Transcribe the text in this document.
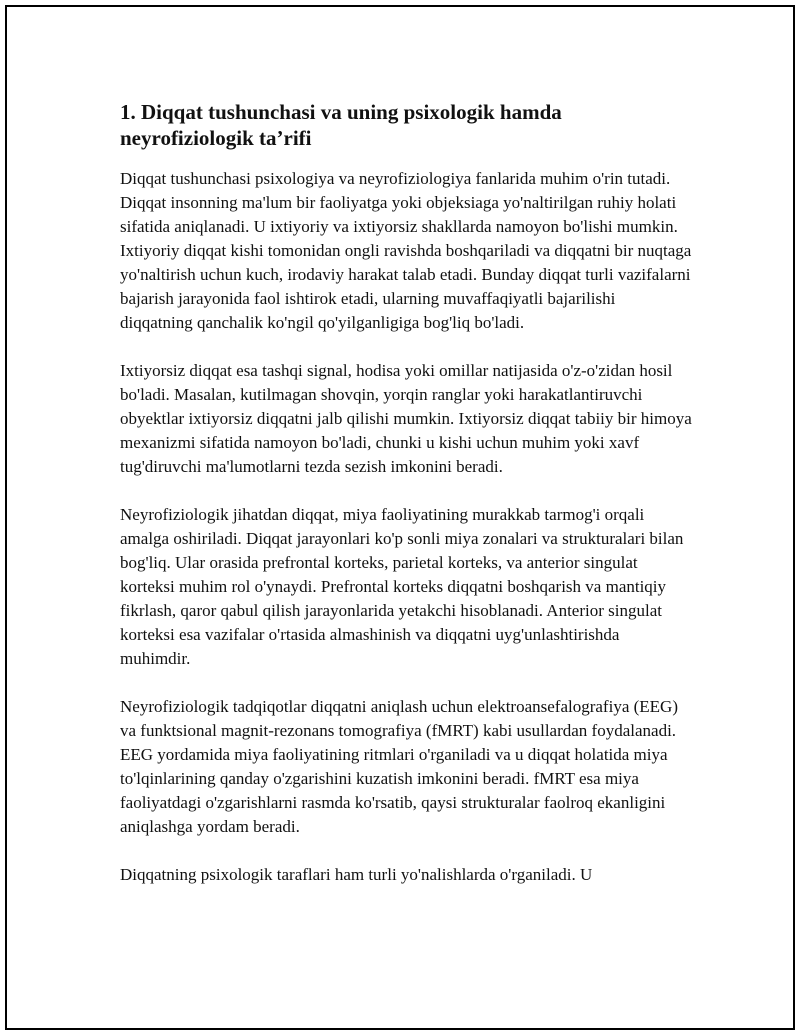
1. Diqqat tushunchasi va uning psixologik hamda neyrofiziologik taʼrifi

Diqqat tushunchasi psixologiya va neyrofiziologiya fanlarida muhim o'rin tutadi. Diqqat insonning ma'lum bir faoliyatga yoki objeksiaga yo'naltirilgan ruhiy holati sifatida aniqlanadi. U ixtiyoriy va ixtiyorsiz shakllarda namoyon bo'lishi mumkin. Ixtiyoriy diqqat kishi tomonidan ongli ravishda boshqariladi va diqqatni bir nuqtaga yo'naltirish uchun kuch, irodaviy harakat talab etadi. Bunday diqqat turli vazifalarni bajarish jarayonida faol ishtirok etadi, ularning muvaffaqiyatli bajarilishi diqqatning qanchalik ko'ngil qo'yilganligiga bog'liq bo'ladi.

Ixtiyorsiz diqqat esa tashqi signal, hodisa yoki omillar natijasida o'z-o'zidan hosil bo'ladi. Masalan, kutilmagan shovqin, yorqin ranglar yoki harakatlantiruvchi obyektlar ixtiyorsiz diqqatni jalb qilishi mumkin. Ixtiyorsiz diqqat tabiiy bir himoya mexanizmi sifatida namoyon bo'ladi, chunki u kishi uchun muhim yoki xavf tug'diruvchi ma'lumotlarni tezda sezish imkonini beradi.

Neyrofiziologik jihatdan diqqat, miya faoliyatining murakkab tarmog'i orqali amalga oshiriladi. Diqqat jarayonlari ko'p sonli miya zonalari va strukturalari bilan bog'liq. Ular orasida prefrontal korteks, parietal korteks, va anterior singulat korteksi muhim rol o'ynaydi. Prefrontal korteks diqqatni boshqarish va mantiqiy fikrlash, qaror qabul qilish jarayonlarida yetakchi hisoblanadi. Anterior singulat korteksi esa vazifalar o'rtasida almashinish va diqqatni uyg'unlashtirishda muhimdir.

Neyrofiziologik tadqiqotlar diqqatni aniqlash uchun elektroansefalografiya (EEG) va funktsional magnit-rezonans tomografiya (fMRT) kabi usullardan foydalanadi. EEG yordamida miya faoliyatining ritmlari o'rganiladi va u diqqat holatida miya to'lqinlarining qanday o'zgarishini kuzatish imkonini beradi. fMRT esa miya faoliyatdagi o'zgarishlarni rasmda ko'rsatib, qaysi strukturalar faolroq ekanligini aniqlashga yordam beradi.

Diqqatning psixologik taraflari ham turli yo'nalishlarda o'rganiladi. U
